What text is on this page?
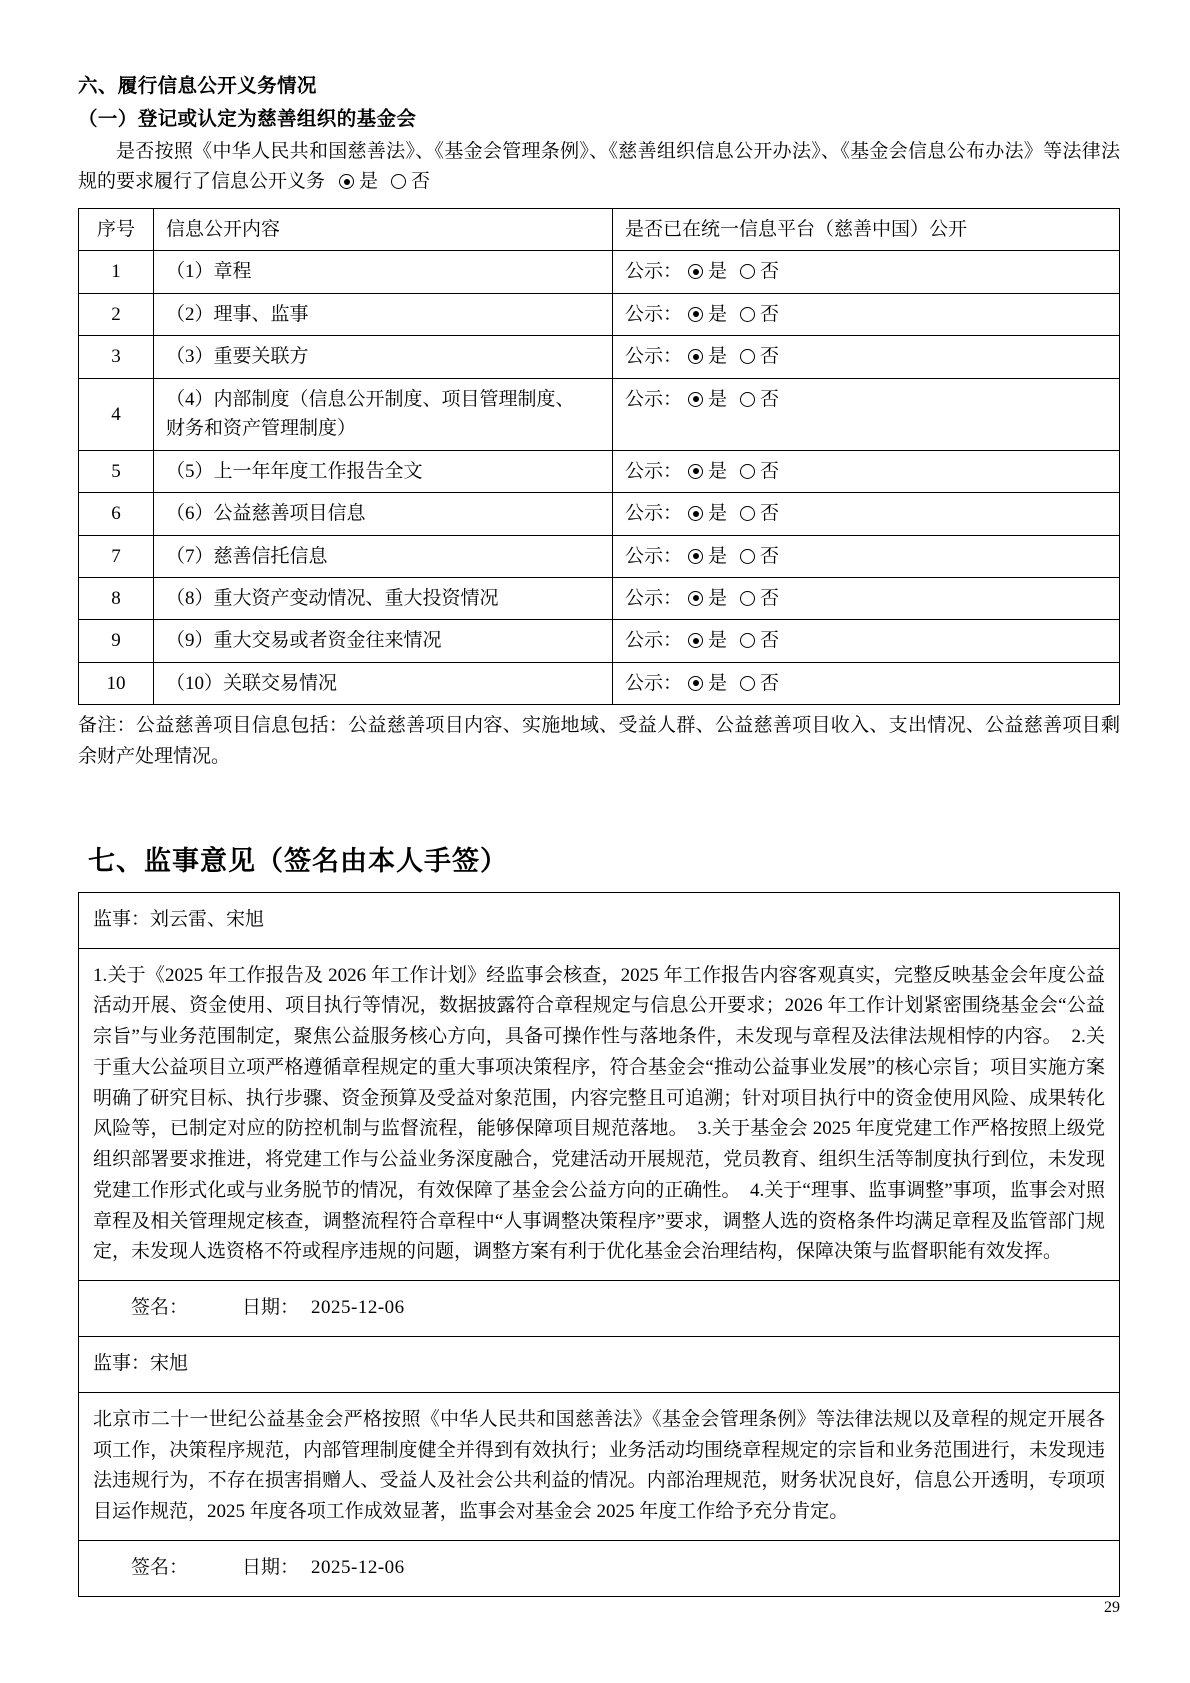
六、履行信息公开义务情况
（一）登记或认定为慈善组织的基金会

是否按照《中华人民共和国慈善法》、《基金会管理条例》、《慈善组织信息公开办法》、《基金会信息公布办法》等法律法规的要求履行了信息公开义务 是 否

序号	信息公开内容	是否已在统一信息平台（慈善中国）公开
1	（1）章程	公示： 是 否
2	（2）理事、监事	公示： 是 否
3	（3）重要关联方	公示： 是 否
4	（4）内部制度（信息公开制度、项目管理制度、
财务和资产管理制度）	公示： 是 否
5	（5）上一年年度工作报告全文	公示： 是 否
6	（6）公益慈善项目信息	公示： 是 否
7	（7）慈善信托信息	公示： 是 否
8	（8）重大资产变动情况、重大投资情况	公示： 是 否
9	（9）重大交易或者资金往来情况	公示： 是 否
10	（10）关联交易情况	公示： 是 否

备注：公益慈善项目信息包括：公益慈善项目内容、实施地域、受益人群、公益慈善项目收入、支出情况、公益慈善项目剩余财产处理情况。

七、监事意见（签名由本人手签）
监事：刘云雷、宋旭
1.关于《2025 年工作报告及 2026 年工作计划》经监事会核查，2025 年工作报告内容客观真实，完整反映基金会年度公益活动开展、资金使用、项目执行等情况，数据披露符合章程规定与信息公开要求；2026 年工作计划紧密围绕基金会“公益宗旨”与业务范围制定，聚焦公益服务核心方向，具备可操作性与落地条件，未发现与章程及法律法规相悖的内容。　2.关于重大公益项目立项严格遵循章程规定的重大事项决策程序，符合基金会“推动公益事业发展”的核心宗旨；项目实施方案明确了研究目标、执行步骤、资金预算及受益对象范围，内容完整且可追溯；针对项目执行中的资金使用风险、成果转化风险等，已制定对应的防控机制与监督流程，能够保障项目规范落地。　3.关于基金会 2025 年度党建工作严格按照上级党组织部署要求推进，将党建工作与公益业务深度融合，党建活动开展规范，党员教育、组织生活等制度执行到位，未发现党建工作形式化或与业务脱节的情况，有效保障了基金会公益方向的正确性。　4.关于“理事、监事调整”事项，监事会对照章程及相关管理规定核查，调整流程符合章程中“人事调整决策程序”要求，调整人选的资格条件均满足章程及监管部门规定，未发现人选资格不符或程序违规的问题，调整方案有利于优化基金会治理结构，保障决策与监督职能有效发挥。
签名：	日期： 2025-12-06
监事：宋旭
北京市二十一世纪公益基金会严格按照《中华人民共和国慈善法》《基金会管理条例》等法律法规以及章程的规定开展各项工作，决策程序规范，内部管理制度健全并得到有效执行；业务活动均围绕章程规定的宗旨和业务范围进行，未发现违法违规行为，不存在损害捐赠人、受益人及社会公共利益的情况。内部治理规范，财务状况良好，信息公开透明，专项项目运作规范，2025 年度各项工作成效显著，监事会对基金会 2025 年度工作给予充分肯定。
签名：	日期： 2025-12-06
29
